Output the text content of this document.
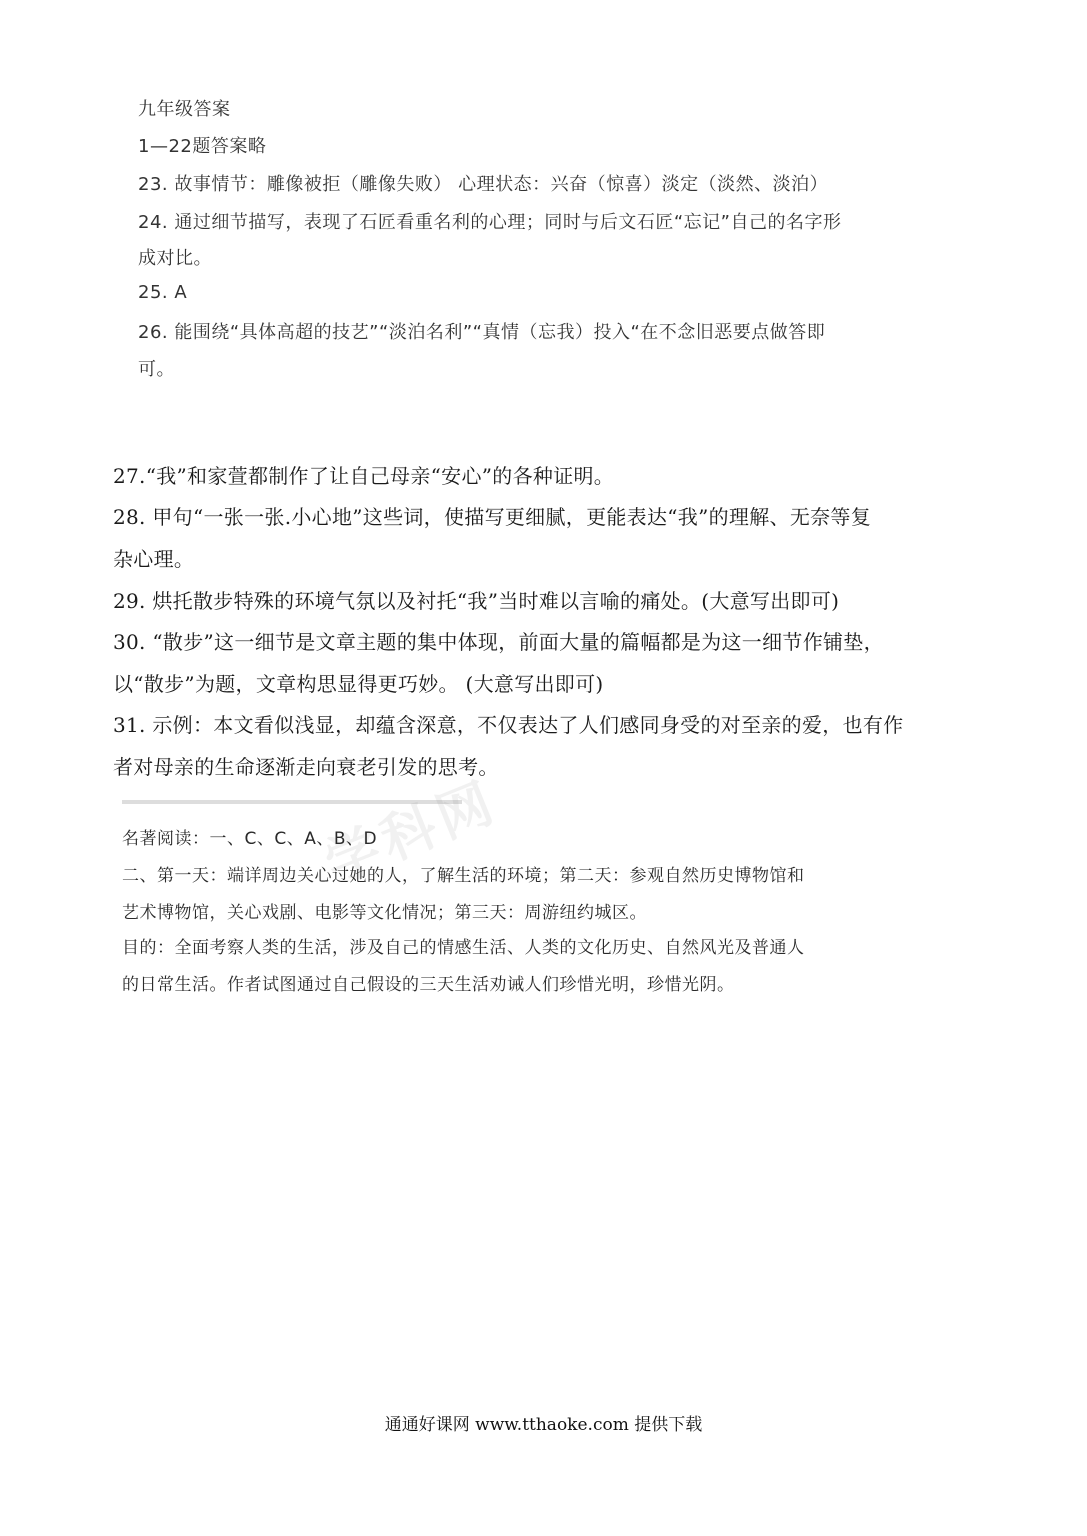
学科网

九年级答案

1—22题答案略

23. 故事情节：雕像被拒（雕像失败） 心理状态：兴奋（惊喜）淡定（淡然、淡泊）

24. 通过细节描写，表现了石匠看重名利的心理；同时与后文石匠“忘记”自己的名字形

成对比。

25. A

26. 能围绕“具体高超的技艺”“淡泊名利”“真情（忘我）投入“在不念旧恶要点做答即

可。

27.“我”和家萱都制作了让自己母亲“安心”的各种证明。

28. 甲句“一张一张.小心地”这些词，使描写更细腻，更能表达“我”的理解、无奈等复

杂心理。

29. 烘托散步特殊的环境气氛以及衬托“我”当时难以言喻的痛处。(大意写出即可)

30. “散步”这一细节是文章主题的集中体现，前面大量的篇幅都是为这一细节作铺垫，

以“散步”为题，文章构思显得更巧妙。 (大意写出即可)

31. 示例：本文看似浅显，却蕴含深意，不仅表达了人们感同身受的对至亲的爱，也有作

者对母亲的生命逐渐走向衰老引发的思考。

名著阅读：一、C、C、A、B、D

二、第一天：端详周边关心过她的人，了解生活的环境；第二天：参观自然历史博物馆和

艺术博物馆，关心戏剧、电影等文化情况；第三天：周游纽约城区。

目的：全面考察人类的生活，涉及自己的情感生活、人类的文化历史、自然风光及普通人

的日常生活。作者试图通过自己假设的三天生活劝诫人们珍惜光明，珍惜光阴。

通通好课网 www.tthaoke.com 提供下载
